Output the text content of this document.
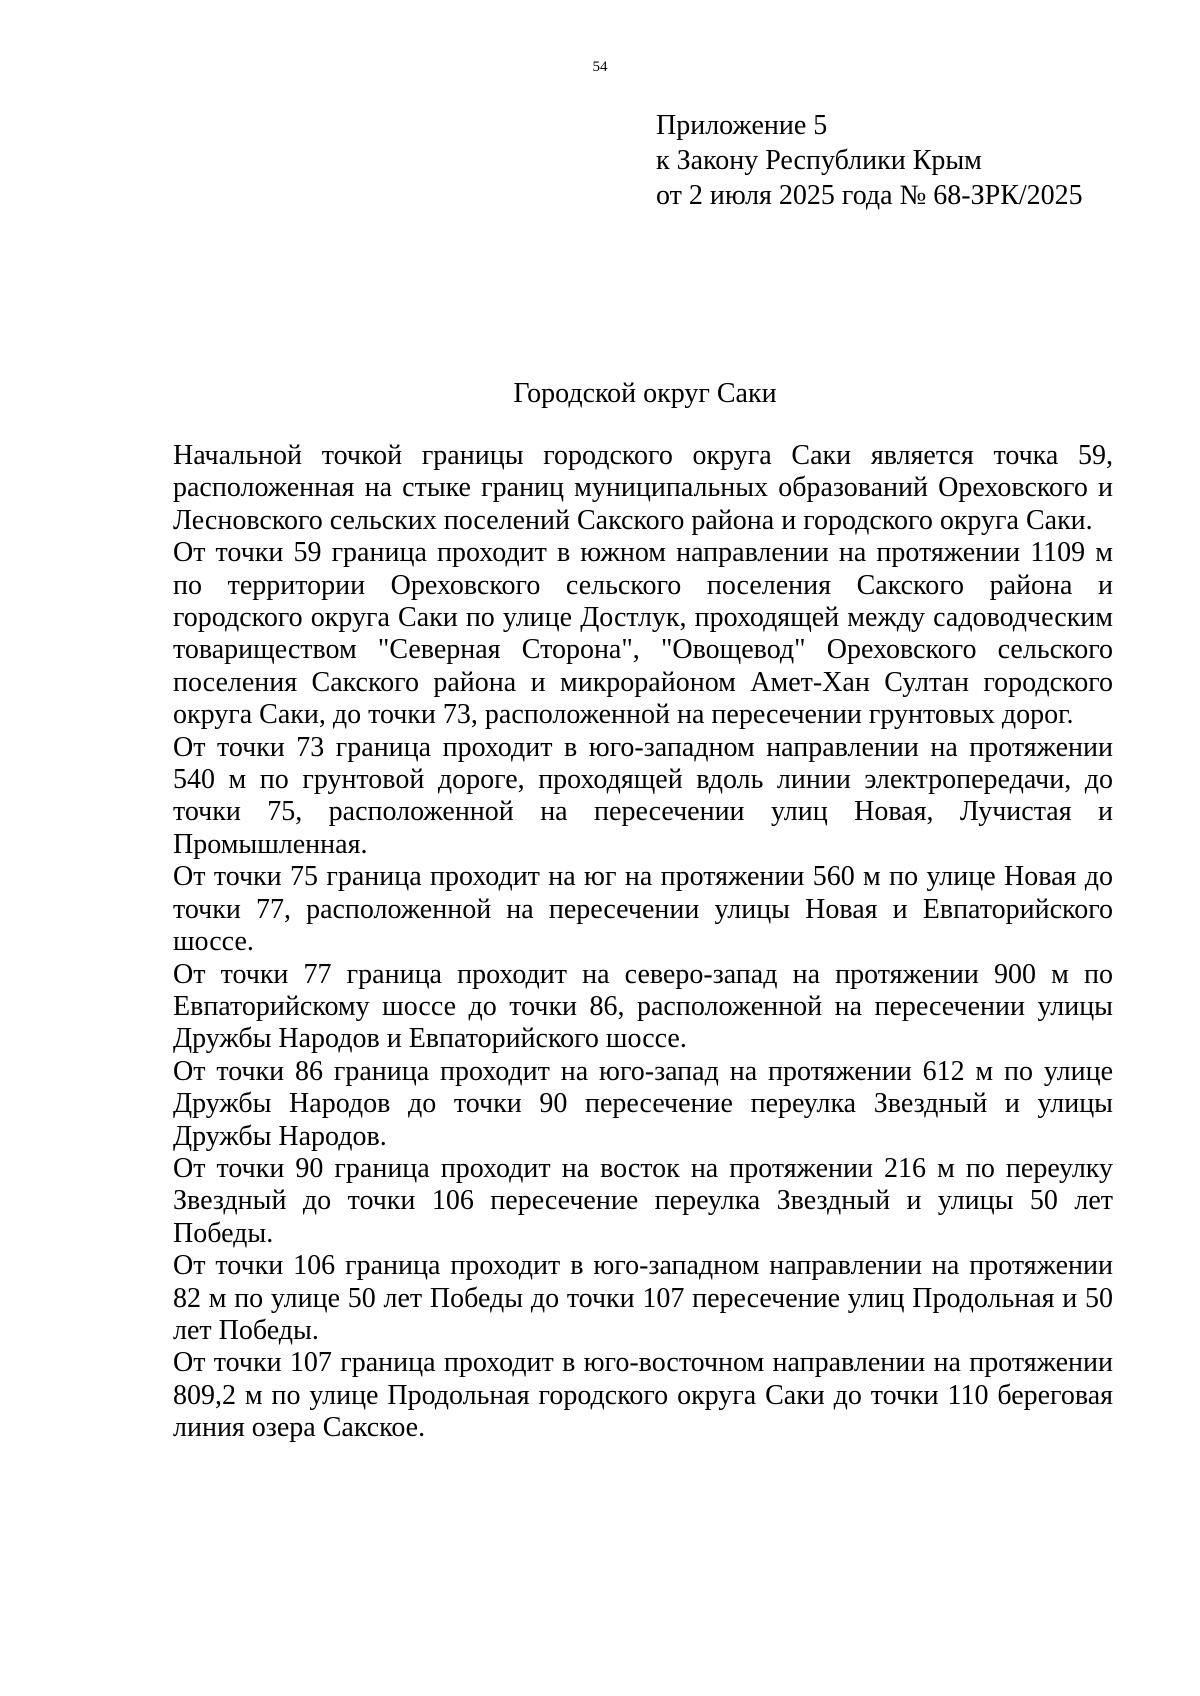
54
Приложение 5
к Закону Республики Крым
от 2 июля 2025 года № 68-ЗРК/2025
Городской округ Саки

Начальной точкой границы городского округа Саки является точка 59, расположенная на стыке границ муниципальных образований Ореховского и Лесновского сельских поселений Сакского района и городского округа Саки.

От точки 59 граница проходит в южном направлении на протяжении 1109 м по территории Ореховского сельского поселения Сакского района и городского округа Саки по улице Достлук, проходящей между садоводческим товариществом "Северная Сторона", "Овощевод" Ореховского сельского поселения Сакского района и микрорайоном Амет-Хан Султан городского округа Саки, до точки 73, расположенной на пересечении грунтовых дорог.

От точки 73 граница проходит в юго-западном направлении на протяжении 540 м по грунтовой дороге, проходящей вдоль линии электропередачи, до точки 75, расположенной на пересечении улиц Новая, Лучистая и Промышленная.

От точки 75 граница проходит на юг на протяжении 560 м по улице Новая до точки 77, расположенной на пересечении улицы Новая и Евпаторийского шоссе.

От точки 77 граница проходит на северо-запад на протяжении 900 м по Евпаторийскому шоссе до точки 86, расположенной на пересечении улицы Дружбы Народов и Евпаторийского шоссе.

От точки 86 граница проходит на юго-запад на протяжении 612 м по улице Дружбы Народов до точки 90 пересечение переулка Звездный и улицы Дружбы Народов.

От точки 90 граница проходит на восток на протяжении 216 м по переулку Звездный до точки 106 пересечение переулка Звездный и улицы 50 лет Победы.

От точки 106 граница проходит в юго-западном направлении на протяжении 82 м по улице 50 лет Победы до точки 107 пересечение улиц Продольная и 50 лет Победы.

От точки 107 граница проходит в юго-восточном направлении на протяжении 809,2 м по улице Продольная городского округа Саки до точки 110 береговая линия озера Сакское.
